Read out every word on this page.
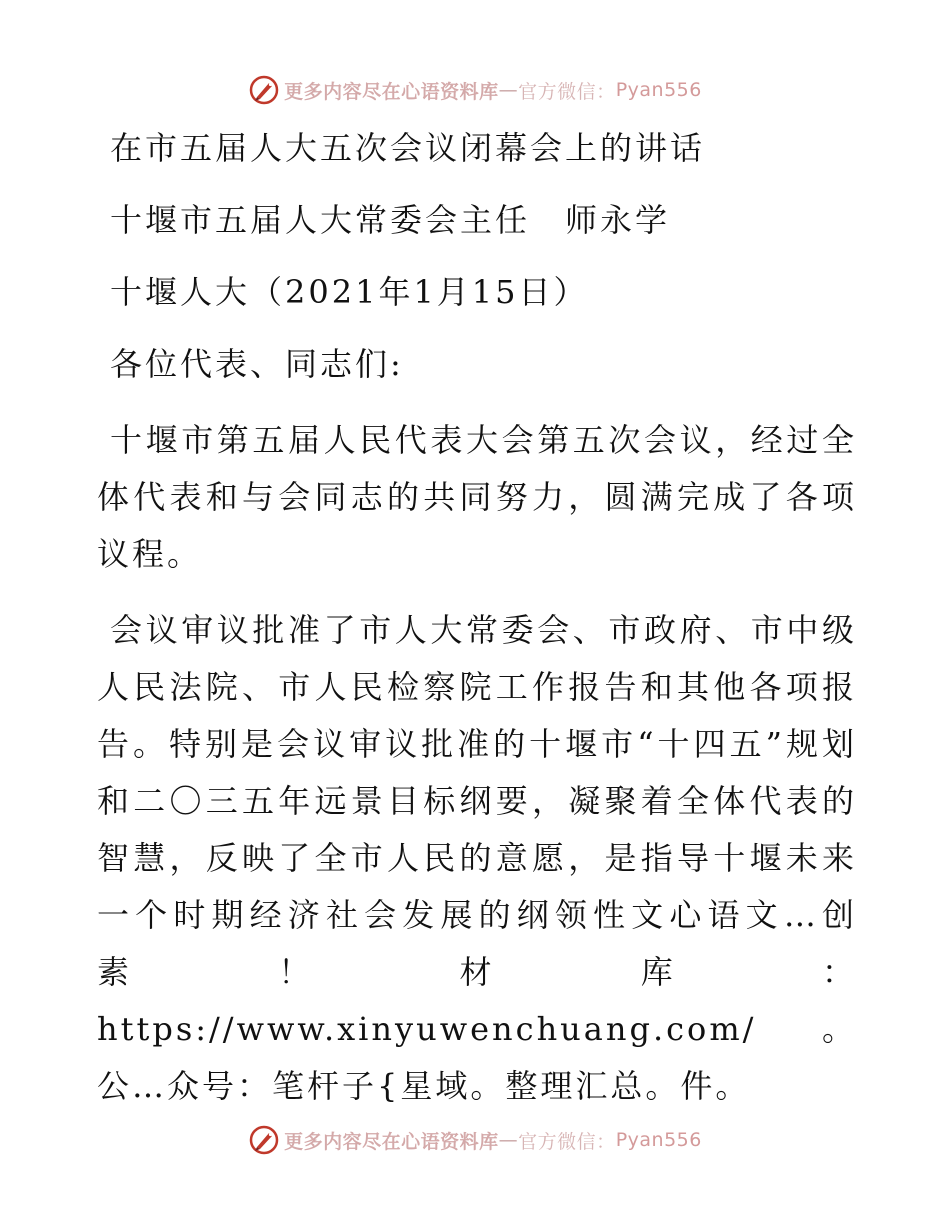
更多内容尽在心语资料库 — 官方微信： Pyan556

在市五届人大五次会议闭幕会上的讲话

十堰市五届人大常委会主任　师永学

十堰人大（2021年1月15日）

各位代表、同志们:

十堰市第五届人民代表大会第五次会议，经过全体代表和与会同志的共同努力，圆满完成了各项议程。

会议审议批准了市人大常委会、市政府、市中级人民法院、市人民检察院工作报告和其他各项报告。特别是会议审议批准的十堰市“十四五”规划和二〇三五年远景目标纲要，凝聚着全体代表的智慧，反映了全市人民的意愿，是指导十堰未来一个时期经济社会发展的纲领性文心语文…创素！材库：https://www.xinyuwenchuang.com/。公…众号：笔杆子{星域。整理汇总。件。

更多内容尽在心语资料库 — 官方微信： Pyan556
